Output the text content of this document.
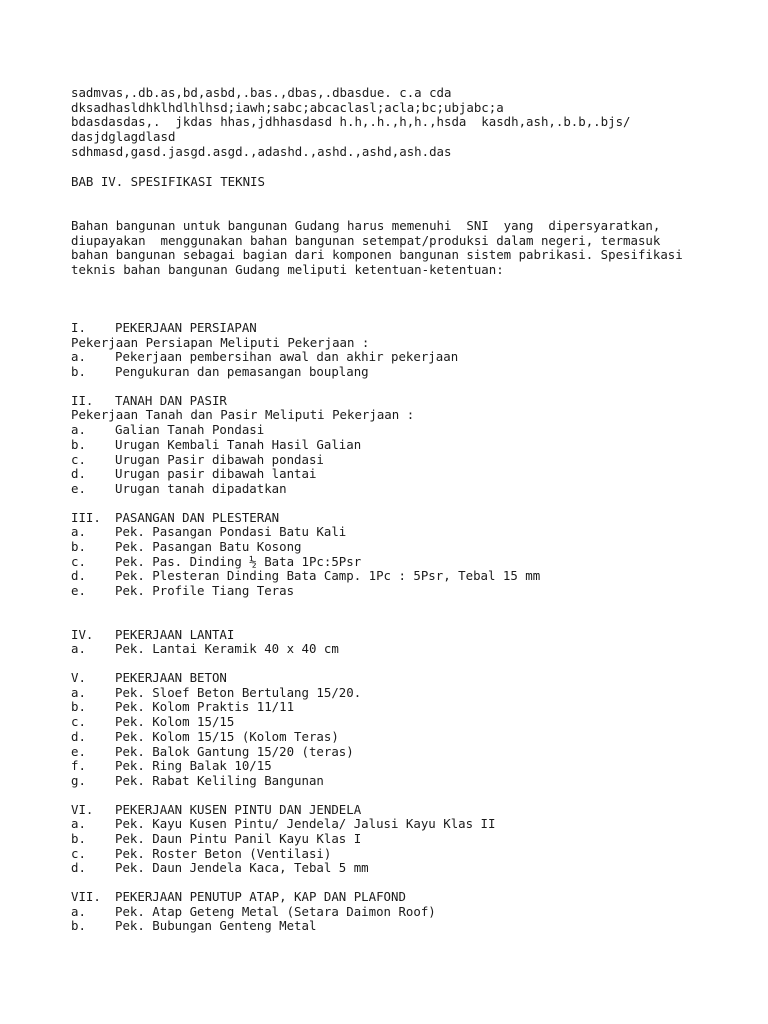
sadmvas,.db.as,bd,asbd,.bas.,dbas,.dbasdue. c.a cda
dksadhasldhklhdlhlhsd;iawh;sabc;abcaclasl;acla;bc;ubjabc;a
bdasdasdas,.  jkdas hhas,jdhhasdasd h.h,.h.,h,h.,hsda  kasdh,ash,.b.b,.bjs/
dasjdglagdlasd
sdhmasd,gasd.jasgd.asgd.,adashd.,ashd.,ashd,ash.das
BAB IV. SPESIFIKASI TEKNIS
Bahan bangunan untuk bangunan Gudang harus memenuhi  SNI  yang  dipersyaratkan,
diupayakan  menggunakan bahan bangunan setempat/produksi dalam negeri, termasuk
bahan bangunan sebagai bagian dari komponen bangunan sistem pabrikasi. Spesifikasi
teknis bahan bangunan Gudang meliputi ketentuan-ketentuan:
I.	PEKERJAAN PERSIAPAN
Pekerjaan Persiapan Meliputi Pekerjaan :
a.	Pekerjaan pembersihan awal dan akhir pekerjaan
b.	Pengukuran dan pemasangan bouplang
II.	TANAH DAN PASIR
Pekerjaan Tanah dan Pasir Meliputi Pekerjaan :
a.	Galian Tanah Pondasi
b.	Urugan Kembali Tanah Hasil Galian
c.	Urugan Pasir dibawah pondasi
d.	Urugan pasir dibawah lantai
e.	Urugan tanah dipadatkan
III.	PASANGAN DAN PLESTERAN
a.	Pek. Pasangan Pondasi Batu Kali
b.	Pek. Pasangan Batu Kosong
c.	Pek. Pas. Dinding ½ Bata 1Pc:5Psr
d.	Pek. Plesteran Dinding Bata Camp. 1Pc : 5Psr, Tebal 15 mm
e.	Pek. Profile Tiang Teras
IV.	PEKERJAAN LANTAI
a.	Pek. Lantai Keramik 40 x 40 cm
V.	PEKERJAAN BETON
a.	Pek. Sloef Beton Bertulang 15/20.
b.	Pek. Kolom Praktis 11/11
c.	Pek. Kolom 15/15
d.	Pek. Kolom 15/15 (Kolom Teras)
e.	Pek. Balok Gantung 15/20 (teras)
f.	Pek. Ring Balak 10/15
g.	Pek. Rabat Keliling Bangunan
VI.	PEKERJAAN KUSEN PINTU DAN JENDELA
a.	Pek. Kayu Kusen Pintu/ Jendela/ Jalusi Kayu Klas II
b.	Pek. Daun Pintu Panil Kayu Klas I
c.	Pek. Roster Beton (Ventilasi)
d.	Pek. Daun Jendela Kaca, Tebal 5 mm
VII.	PEKERJAAN PENUTUP ATAP, KAP DAN PLAFOND
a.	Pek. Atap Geteng Metal (Setara Daimon Roof)
b.	Pek. Bubungan Genteng Metal
